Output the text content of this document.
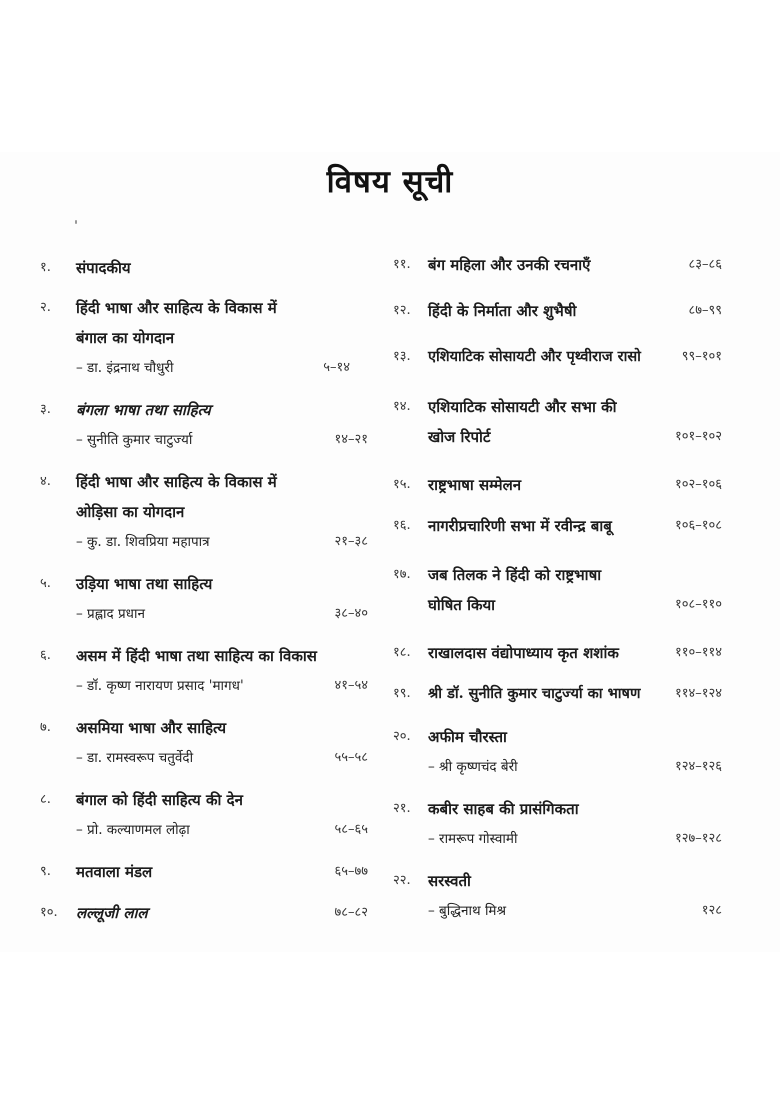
विषय सूची
१. संपादकीय
२. हिंदी भाषा और साहित्य के विकास में
बंगाल का योगदान
– डा. इंद्रनाथ चौधुरी	५–१४
३. बंगला भाषा तथा साहित्य
– सुनीति कुमार चाटुर्ज्या	१४–२१
४. हिंदी भाषा और साहित्य के विकास में
ओड़िसा का योगदान
– कु. डा. शिवप्रिया महापात्र	२१–३८
५. उड़िया भाषा तथा साहित्य
– प्रह्लाद प्रधान	३८–४०
६. असम में हिंदी भाषा तथा साहित्य का विकास
– डॉ. कृष्ण नारायण प्रसाद 'मागध'	४१–५४
७. असमिया भाषा और साहित्य
– डा. रामस्वरूप चतुर्वेदी	५५–५८
८. बंगाल को हिंदी साहित्य की देन
– प्रो. कल्याणमल लोढ़ा	५८–६५
९. मतवाला मंडल	६५–७७
१०. लल्लूजी लाल	७८–८२
११. बंग महिला और उनकी रचनाएँ	८३–८६
१२. हिंदी के निर्माता और शुभैषी	८७–९९
१३. एशियाटिक सोसायटी और पृथ्वीराज रासो	९९–१०१
१४. एशियाटिक सोसायटी और सभा की
खोज रिपोर्ट	१०१–१०२
१५. राष्ट्रभाषा सम्मेलन	१०२–१०६
१६. नागरीप्रचारिणी सभा में रवीन्द्र बाबू	१०६–१०८
१७. जब तिलक ने हिंदी को राष्ट्रभाषा
घोषित किया	१०८–११०
१८. राखालदास वंद्योपाध्याय कृत शशांक	११०–११४
१९. श्री डॉ. सुनीति कुमार चाटुर्ज्या का भाषण	११४–१२४
२०. अफीम चौरस्ता
– श्री कृष्णचंद बेरी	१२४–१२६
२१. कबीर साहब की प्रासंगिकता
– रामरूप गोस्वामी	१२७–१२८
२२. सरस्वती
– बुद्धिनाथ मिश्र	१२८
